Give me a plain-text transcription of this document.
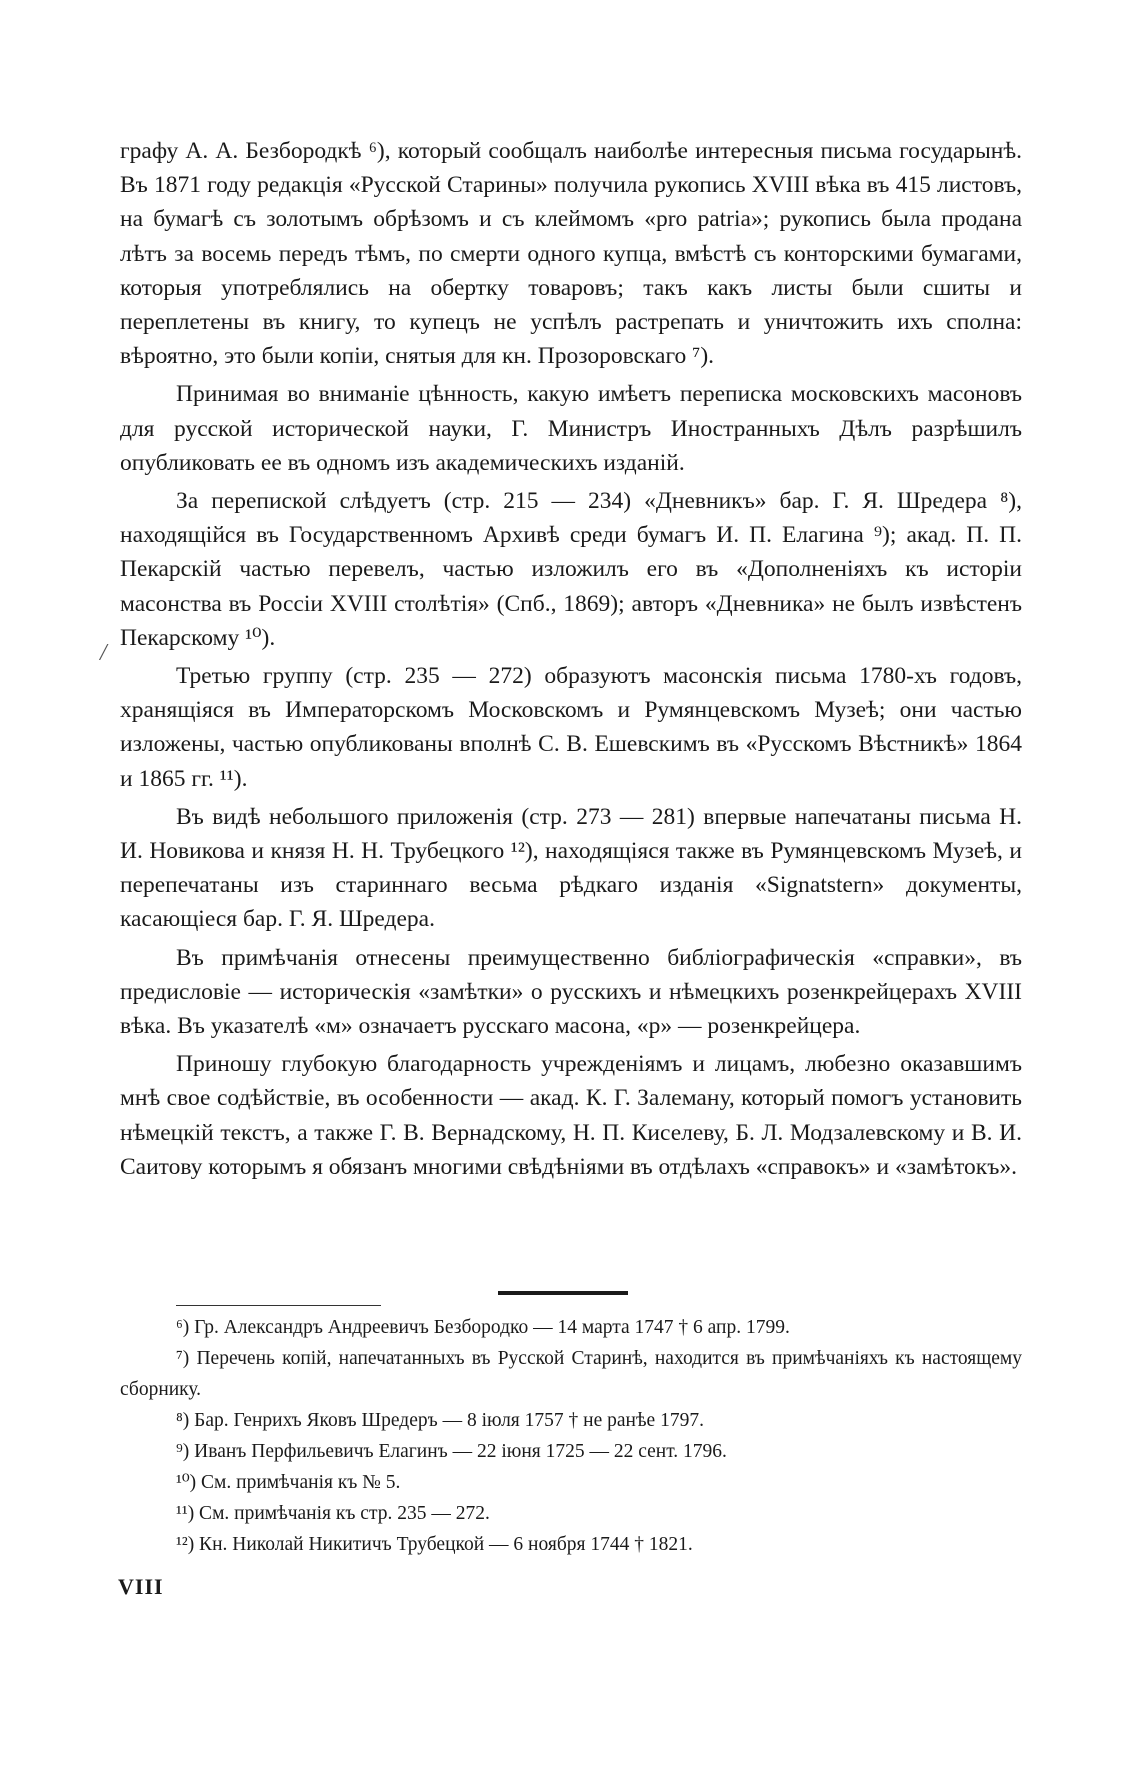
графу А. А. Безбородкѣ ⁶), который сообщалъ наиболѣе интересныя письма государынѣ. Въ 1871 году редакція «Русской Старины» получила рукопись XVIII вѣка въ 415 листовъ, на бумагѣ съ золотымъ обрѣзомъ и съ клеймомъ «pro patria»; рукопись была продана лѣтъ за восемь передъ тѣмъ, по смерти одного купца, вмѣстѣ съ конторскими бумагами, которыя употреблялись на обертку товаровъ; такъ какъ листы были сшиты и переплетены въ книгу, то купецъ не успѣлъ растрепать и уничтожить ихъ сполна: вѣроятно, это были копіи, снятыя для кн. Прозоровскаго ⁷).

Принимая во вниманіе цѣнность, какую имѣетъ переписка московскихъ масоновъ для русской исторической науки, Г. Министръ Иностранныхъ Дѣлъ разрѣшилъ опубликовать ее въ одномъ изъ академическихъ изданій.

За перепиской слѣдуетъ (стр. 215 — 234) «Дневникъ» бар. Г. Я. Шредера ⁸), находящійся въ Государственномъ Архивѣ среди бумагъ И. П. Елагина ⁹); акад. П. П. Пекарскій частью перевелъ, частью изложилъ его въ «Дополненіяхъ къ исторіи масонства въ Россіи XVIII столѣтія» (Спб., 1869); авторъ «Дневника» не былъ извѣстенъ Пекарскому ¹⁰).

Третью группу (стр. 235 — 272) образуютъ масонскія письма 1780-хъ годовъ, хранящіяся въ Императорскомъ Московскомъ и Румянцевскомъ Музеѣ; они частью изложены, частью опубликованы вполнѣ С. В. Ешевскимъ въ «Русскомъ Вѣстникѣ» 1864 и 1865 гг. ¹¹).

Въ видѣ небольшого приложенія (стр. 273 — 281) впервые напечатаны письма Н. И. Новикова и князя Н. Н. Трубецкого ¹²), находящіяся также въ Румянцевскомъ Музеѣ, и перепечатаны изъ стариннаго весьма рѣдкаго изданія «Signatstern» документы, касающіеся бар. Г. Я. Шредера.

Въ примѣчанія отнесены преимущественно библіографическія «справки», въ предисловіе — историческія «замѣтки» о русскихъ и нѣмецкихъ розенкрейцерахъ XVIII вѣка. Въ указателѣ «м» означаетъ русскаго масона, «р» — розенкрейцера.

Приношу глубокую благодарность учрежденіямъ и лицамъ, любезно оказавшимъ мнѣ свое содѣйствіе, въ особенности — акад. К. Г. Залеману, который помогъ установить нѣмецкій текстъ, а также Г. В. Вернадскому, Н. П. Киселеву, Б. Л. Модзалевскому и В. И. Саитову которымъ я обязанъ многими свѣдѣніями въ отдѣлахъ «справокъ» и «замѣтокъ».

/

⁶) Гр. Александръ Андреевичъ Безбородко — 14 марта 1747 † 6 апр. 1799.

⁷) Перечень копій, напечатанныхъ въ Русской Старинѣ, находится въ примѣчаніяхъ къ настоящему сборнику.

⁸) Бар. Генрихъ Яковъ Шредеръ — 8 іюля 1757 † не ранѣе 1797.

⁹) Иванъ Перфильевичъ Елагинъ — 22 іюня 1725 — 22 сент. 1796.

¹⁰) См. примѣчанія къ № 5.

¹¹) См. примѣчанія къ стр. 235 — 272.

¹²) Кн. Николай Никитичъ Трубецкой — 6 ноября 1744 † 1821.

VIII
